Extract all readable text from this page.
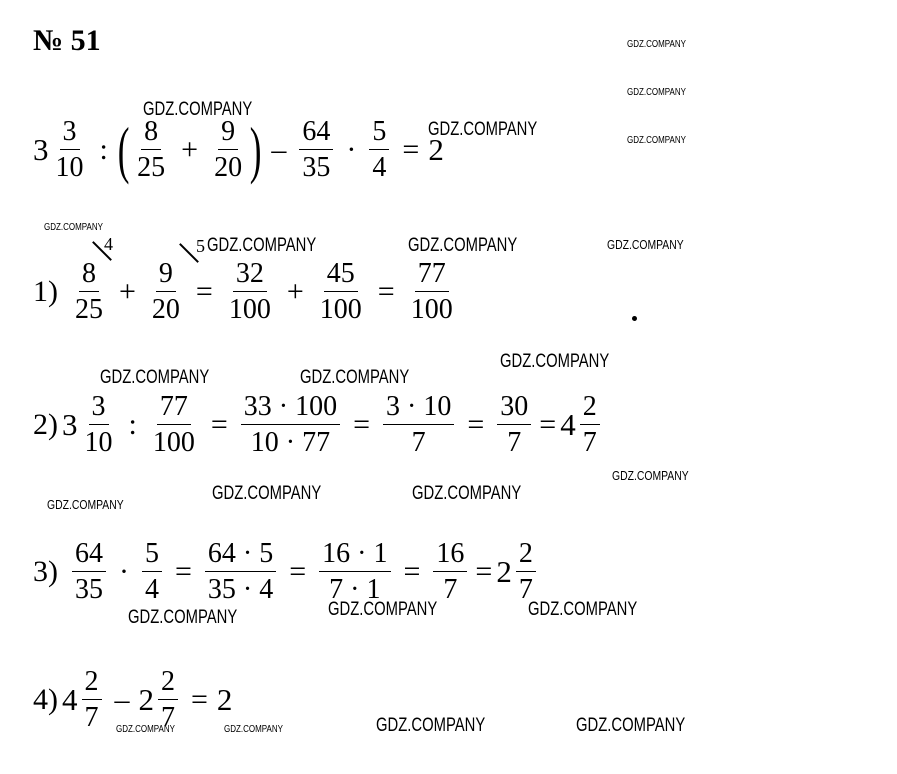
№ 51
$3 \frac{3}{10}$ : ( $\frac{8}{25} + \frac{9}{20}$ ) – $\frac{64}{35} \cdot \frac{5}{4} = 2$
$1) \frac{8}{25} + \frac{9}{20} = \frac{32}{100} + \frac{45}{100} = \frac{77}{100}$
4	5
2) $3 \frac{3}{10}$ : $\frac{77}{100} = \frac{33 \cdot 100}{10 \cdot 77} = \frac{3 \cdot 10}{7} = \frac{30}{7} = 4 \frac{2}{7}$
$3) \frac{64}{35} \cdot \frac{5}{4} = \frac{64 \cdot 5}{35 \cdot 4} = \frac{16 \cdot 1}{7 \cdot 1} = \frac{16}{7} = 2 \frac{2}{7}$
4) $4 \frac{2}{7} - 2 \frac{2}{7} = 2$
GDZ.COMPANY
GDZ.COMPANY
GDZ.COMPANY
GDZ.COMPANY
GDZ.COMPANY
GDZ.COMPANY
GDZ.COMPANY	GDZ.COMPANY	GDZ.COMPANY
GDZ.COMPANY
GDZ.COMPANY	GDZ.COMPANY
GDZ.COMPANY
GDZ.COMPANY
GDZ.COMPANY	GDZ.COMPANY
GDZ.COMPANY	GDZ.COMPANY
GDZ.COMPANY
GDZ.COMPANY	GDZ.COMPANY	GDZ.COMPANY	GDZ.COMPANY
